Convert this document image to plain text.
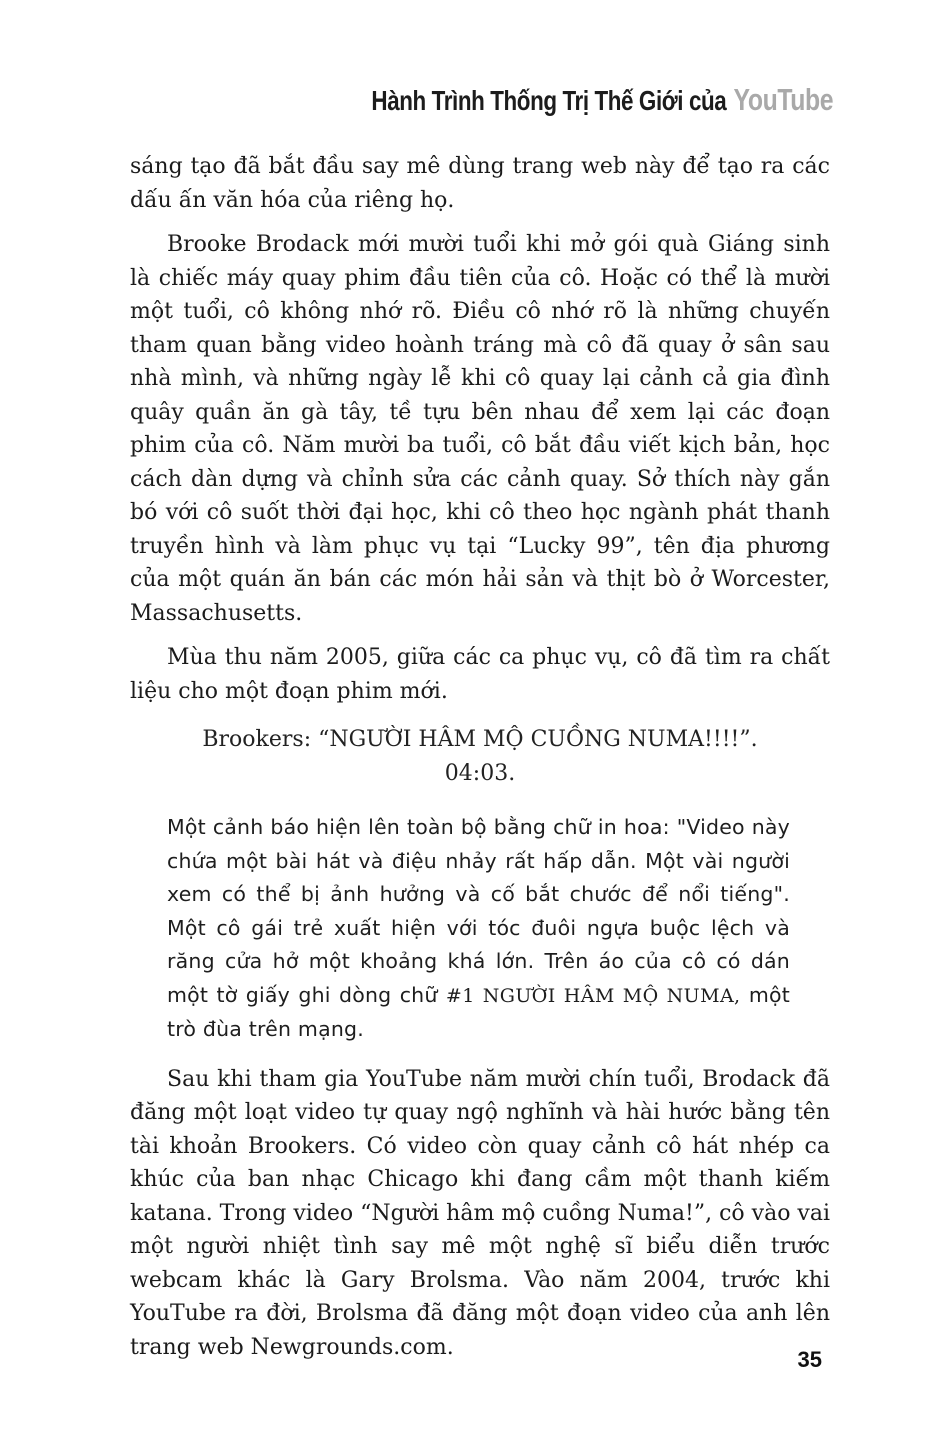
Hành Trình Thống Trị Thế Giới của YouTube

sáng tạo đã bắt đầu say mê dùng trang web này để tạo ra các dấu ấn văn hóa của riêng họ.

Brooke Brodack mới mười tuổi khi mở gói quà Giáng sinh là chiếc máy quay phim đầu tiên của cô. Hoặc có thể là mười một tuổi, cô không nhớ rõ. Điều cô nhớ rõ là những chuyến tham quan bằng video hoành tráng mà cô đã quay ở sân sau nhà mình, và những ngày lễ khi cô quay lại cảnh cả gia đình quây quần ăn gà tây, tề tựu bên nhau để xem lại các đoạn phim của cô. Năm mười ba tuổi, cô bắt đầu viết kịch bản, học cách dàn dựng và chỉnh sửa các cảnh quay. Sở thích này gắn bó với cô suốt thời đại học, khi cô theo học ngành phát thanh truyền hình và làm phục vụ tại “Lucky 99”, tên địa phương của một quán ăn bán các món hải sản và thịt bò ở Worcester, Massachusetts.

Mùa thu năm 2005, giữa các ca phục vụ, cô đã tìm ra chất liệu cho một đoạn phim mới.

Brookers: “NGƯỜI HÂM MỘ CUỒNG NUMA!!!!”.
04:03.
Một cảnh báo hiện lên toàn bộ bằng chữ in hoa: "Video này chứa một bài hát và điệu nhảy rất hấp dẫn. Một vài người xem có thể bị ảnh hưởng và cố bắt chước để nổi tiếng". Một cô gái trẻ xuất hiện với tóc đuôi ngựa buộc lệch và răng cửa hở một khoảng khá lớn. Trên áo của cô có dán một tờ giấy ghi dòng chữ #1 NGƯỜI HÂM MỘ NUMA, một trò đùa trên mạng.

Sau khi tham gia YouTube năm mười chín tuổi, Brodack đã đăng một loạt video tự quay ngộ nghĩnh và hài hước bằng tên tài khoản Brookers. Có video còn quay cảnh cô hát nhép ca khúc của ban nhạc Chicago khi đang cầm một thanh kiếm katana. Trong video “Người hâm mộ cuồng Numa!”, cô vào vai một người nhiệt tình say mê một nghệ sĩ biểu diễn trước webcam khác là Gary Brolsma. Vào năm 2004, trước khi YouTube ra đời, Brolsma đã đăng một đoạn video của anh lên trang web Newgrounds.com.	35
